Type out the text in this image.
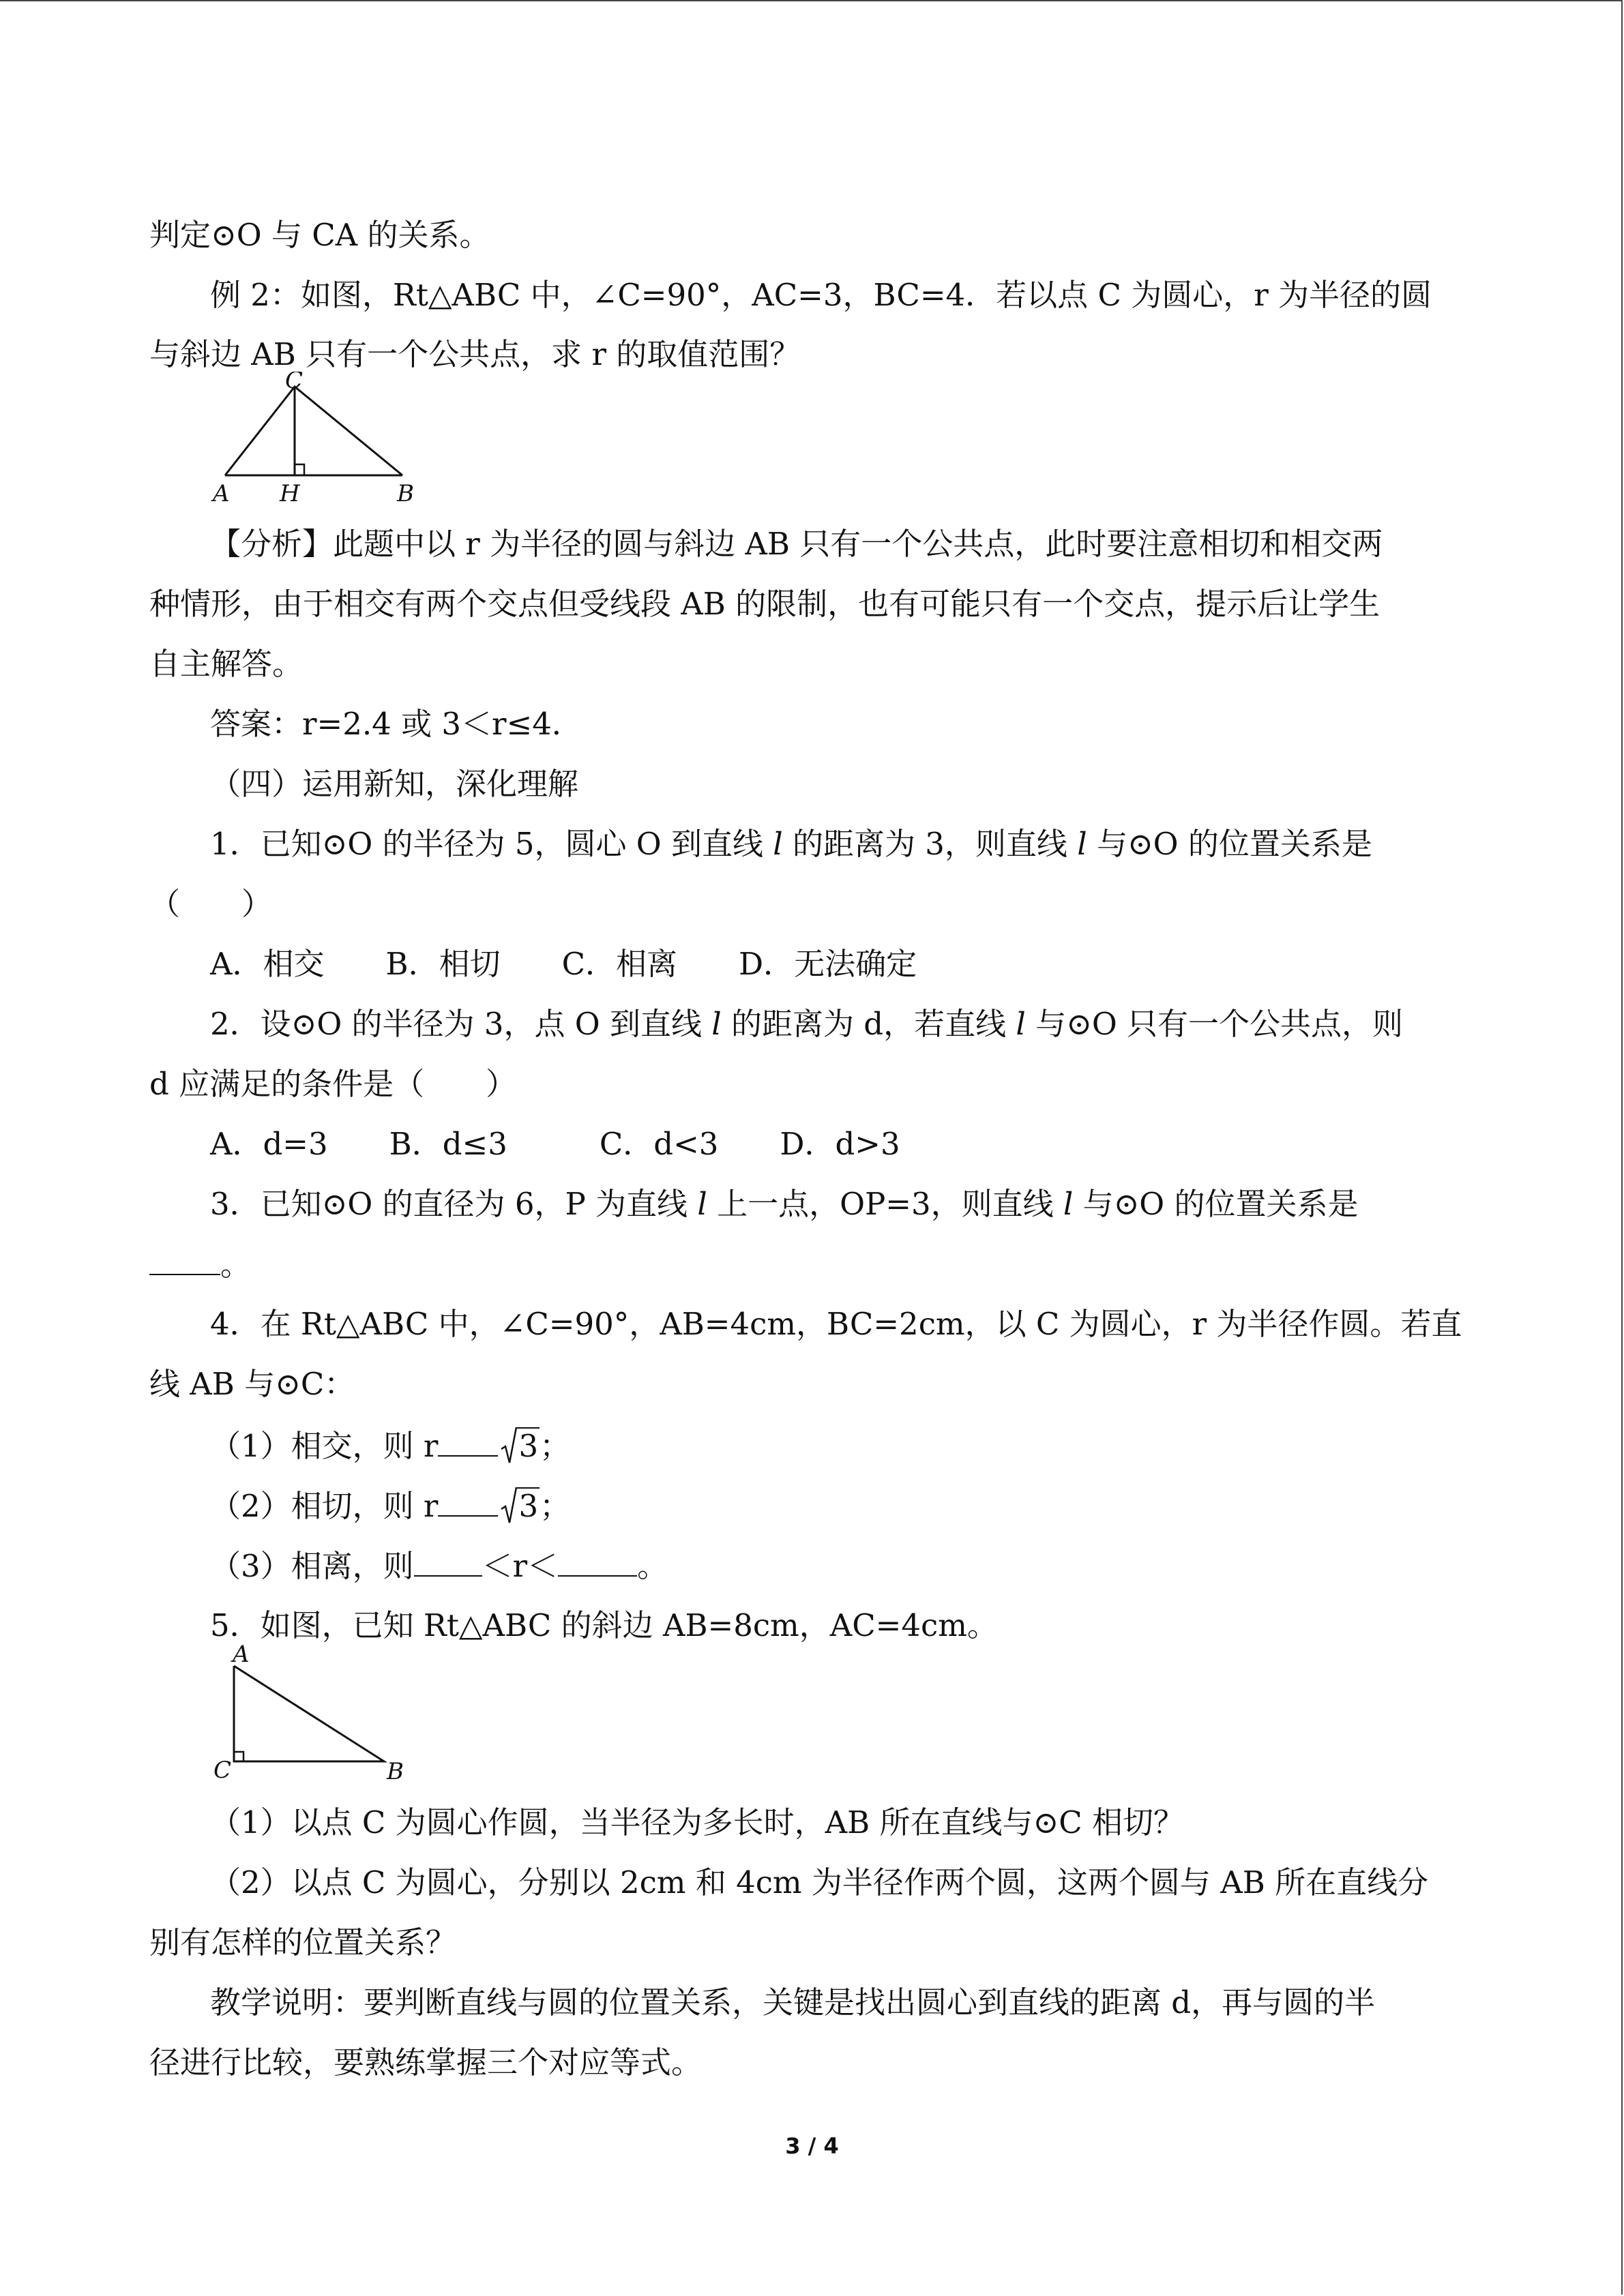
判定⊙O 与 CA 的关系。
例 2：如图，Rt△ABC 中，∠C=90°，AC=3，BC=4．若以点 C 为圆心，r 为半径的圆
与斜边 AB 只有一个公共点，求 r 的取值范围？
C
A H	B
【分析】此题中以 r 为半径的圆与斜边 AB 只有一个公共点，此时要注意相切和相交两
种情形，由于相交有两个交点但受线段 AB 的限制，也有可能只有一个交点，提示后让学生
自主解答。
答案：r=2.4 或 3＜r≤4．
（四）运用新知，深化理解
1．已知⊙O 的半径为 5，圆心 O 到直线 l 的距离为 3，则直线 l 与⊙O 的位置关系是
（　　）
A．相交　　B．相切　　C．相离　　D．无法确定
2．设⊙O 的半径为 3，点 O 到直线 l 的距离为 d，若直线 l 与⊙O 只有一个公共点，则
d 应满足的条件是（　　）
A．d=3　　B．d≤3　　　C．d<3　　D．d>3
3．已知⊙O 的直径为 6，P 为直线 l 上一点，OP=3，则直线 l 与⊙O 的位置关系是
。
4．在 Rt△ABC 中，∠C=90°，AB=4cm，BC=2cm，以 C 为圆心，r 为半径作圆。若直
线 AB 与⊙C：
（1）相交，则 r	3；
（2）相切，则 r	3；
（3）相离，则 ＜r＜	。
5．如图，已知 Rt△ABC 的斜边 AB=8cm，AC=4cm。
A
C	B
（1）以点 C 为圆心作圆，当半径为多长时，AB 所在直线与⊙C 相切？
（2）以点 C 为圆心，分别以 2cm 和 4cm 为半径作两个圆，这两个圆与 AB 所在直线分
别有怎样的位置关系？
教学说明：要判断直线与圆的位置关系，关键是找出圆心到直线的距离 d，再与圆的半
径进行比较，要熟练掌握三个对应等式。
3 / 4
